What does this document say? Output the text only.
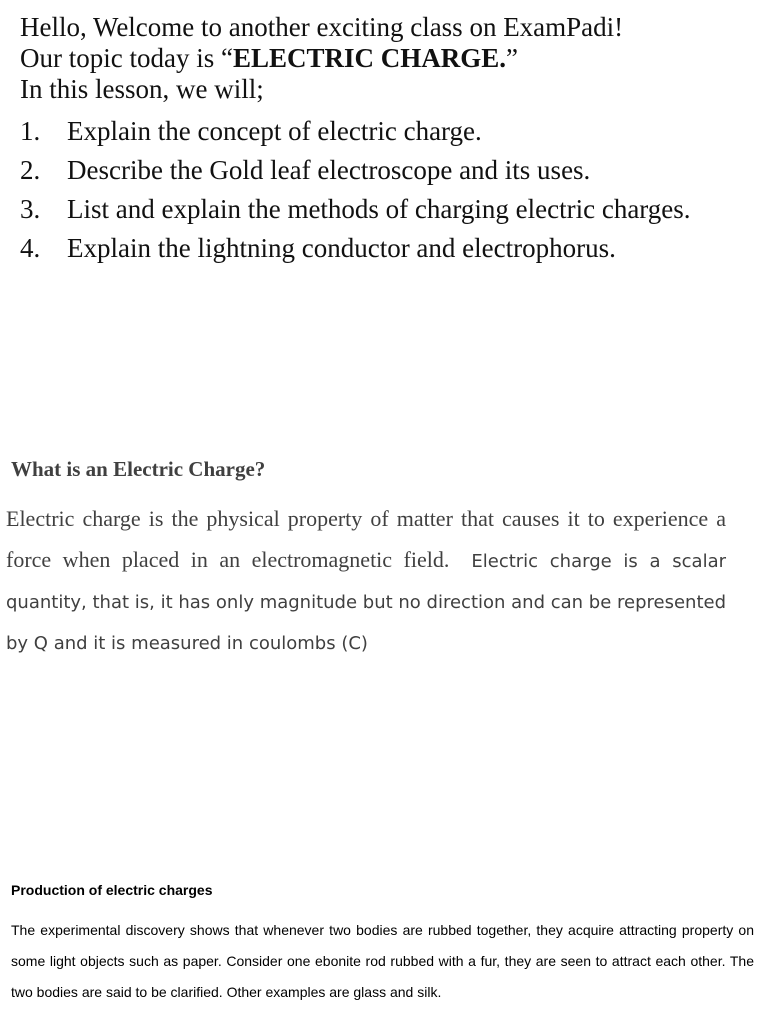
Hello, Welcome to another exciting class on ExamPadi!
Our topic today is “ELECTRIC CHARGE.”
In this lesson, we will;
1. Explain the concept of electric charge.
2. Describe the Gold leaf electroscope and its uses.
3. List and explain the methods of charging electric charges.
4. Explain the lightning conductor and electrophorus.
What is an Electric Charge?

Electric charge is the physical property of matter that causes it to experience a force when placed in an electromagnetic field. Electric charge is a scalar quantity, that is, it has only magnitude but no direction and can be represented by Q and it is measured in coulombs (C)

Production of electric charges

The experimental discovery shows that whenever two bodies are rubbed together, they acquire attracting property on some light objects such as paper. Consider one ebonite rod rubbed with a fur, they are seen to attract each other. The two bodies are said to be clarified. Other examples are glass and silk.
